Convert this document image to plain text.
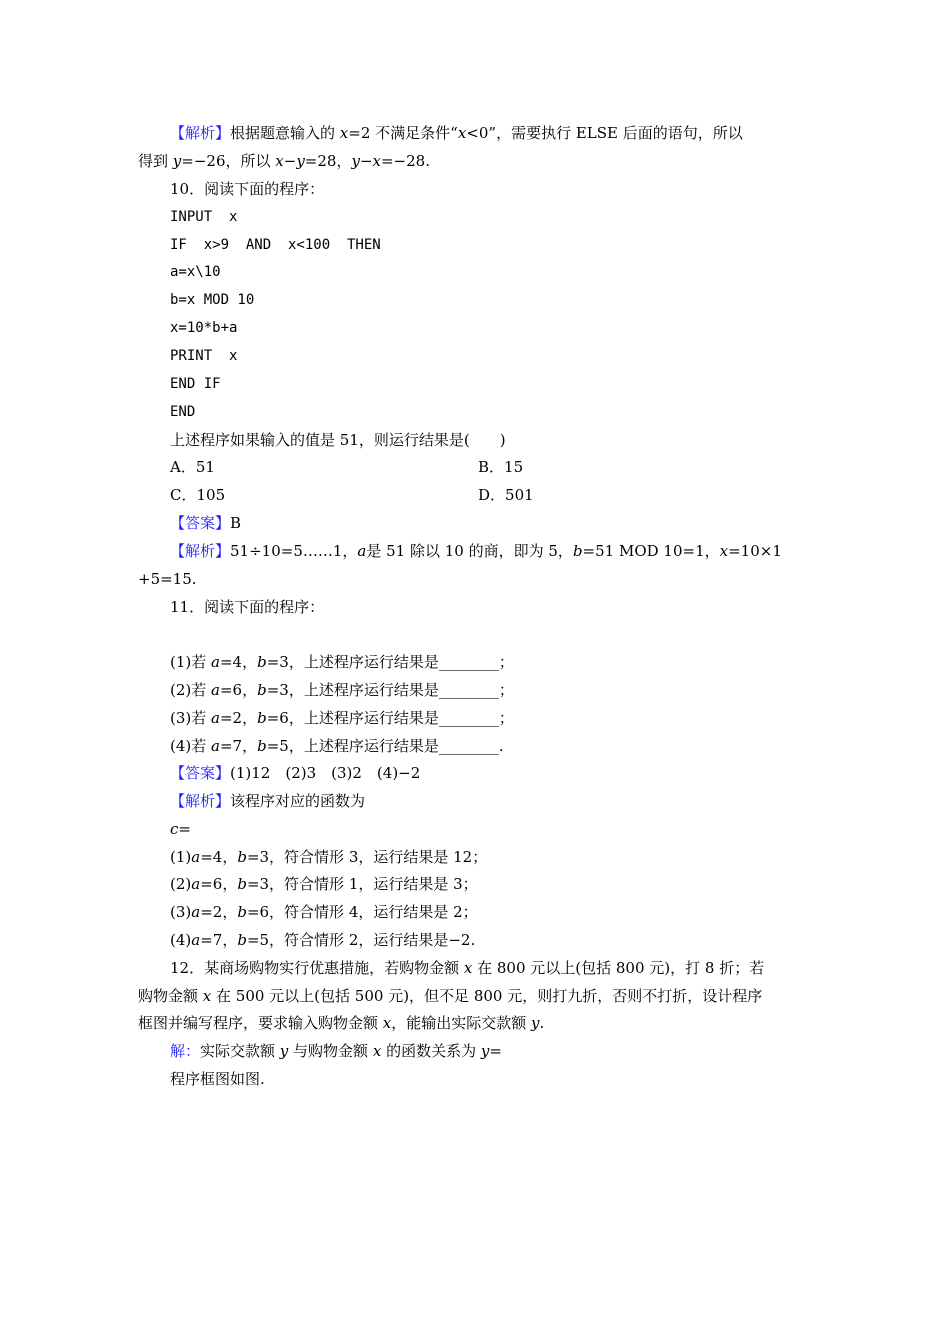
【解析】根据题意输入的 x=2 不满足条件“x<0”，需要执行 ELSE 后面的语句，所以
得到 y=−26，所以 x−y=28，y−x=−28.
10．阅读下面的程序：
INPUT  x
IF  x>9  AND  x<100  THEN
a=x\10
b=x MOD 10
x=10*b+a
PRINT  x
END IF
END
上述程序如果输入的值是 51，则运行结果是(　　)
A．51	B．15
C．105	D．501
【答案】B
【解析】51÷10=5……1，a是 51 除以 10 的商，即为 5，b=51 MOD 10=1，x=10×1
+5=15.
11．阅读下面的程序：
(1)若 a=4，b=3，上述程序运行结果是________；
(2)若 a=6，b=3，上述程序运行结果是________；
(3)若 a=2，b=6，上述程序运行结果是________；
(4)若 a=7，b=5，上述程序运行结果是________.
【答案】(1)12　(2)3　(3)2　(4)−2
【解析】该程序对应的函数为
c=
(1)a=4，b=3，符合情形 3，运行结果是 12；
(2)a=6，b=3，符合情形 1，运行结果是 3；
(3)a=2，b=6，符合情形 4，运行结果是 2；
(4)a=7，b=5，符合情形 2，运行结果是−2.
12．某商场购物实行优惠措施，若购物金额 x 在 800 元以上(包括 800 元)，打 8 折；若
购物金额 x 在 500 元以上(包括 500 元)，但不足 800 元，则打九折，否则不打折，设计程序
框图并编写程序，要求输入购物金额 x，能输出实际交款额 y.
解：实际交款额 y 与购物金额 x 的函数关系为 y=
程序框图如图.
